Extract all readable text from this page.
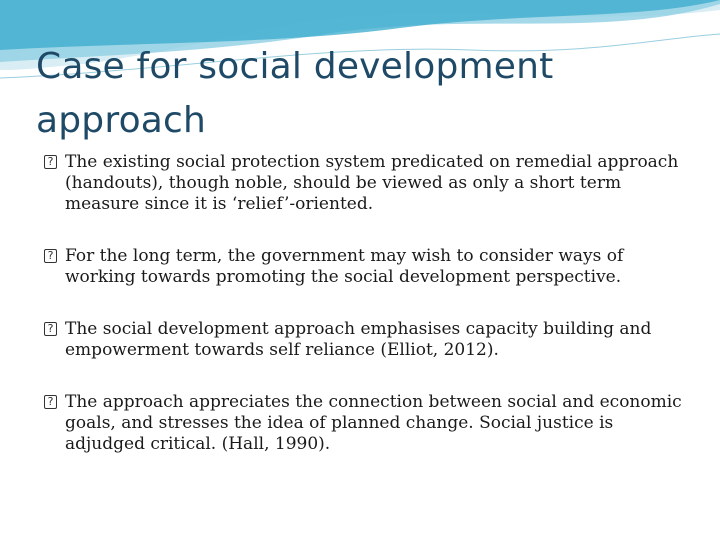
Case for social development
approach
? The existing social protection system predicated on remedial approach (handouts), though noble, should be viewed as only a short term measure since it is ‘relief’-oriented.
? For the long term, the government may wish to consider ways of working towards promoting the social development perspective.
? The social development approach emphasises capacity building and empowerment towards self reliance (Elliot, 2012).
? The approach appreciates the connection between social and economic goals, and stresses the idea of planned change. Social justice is adjudged critical. (Hall, 1990).
